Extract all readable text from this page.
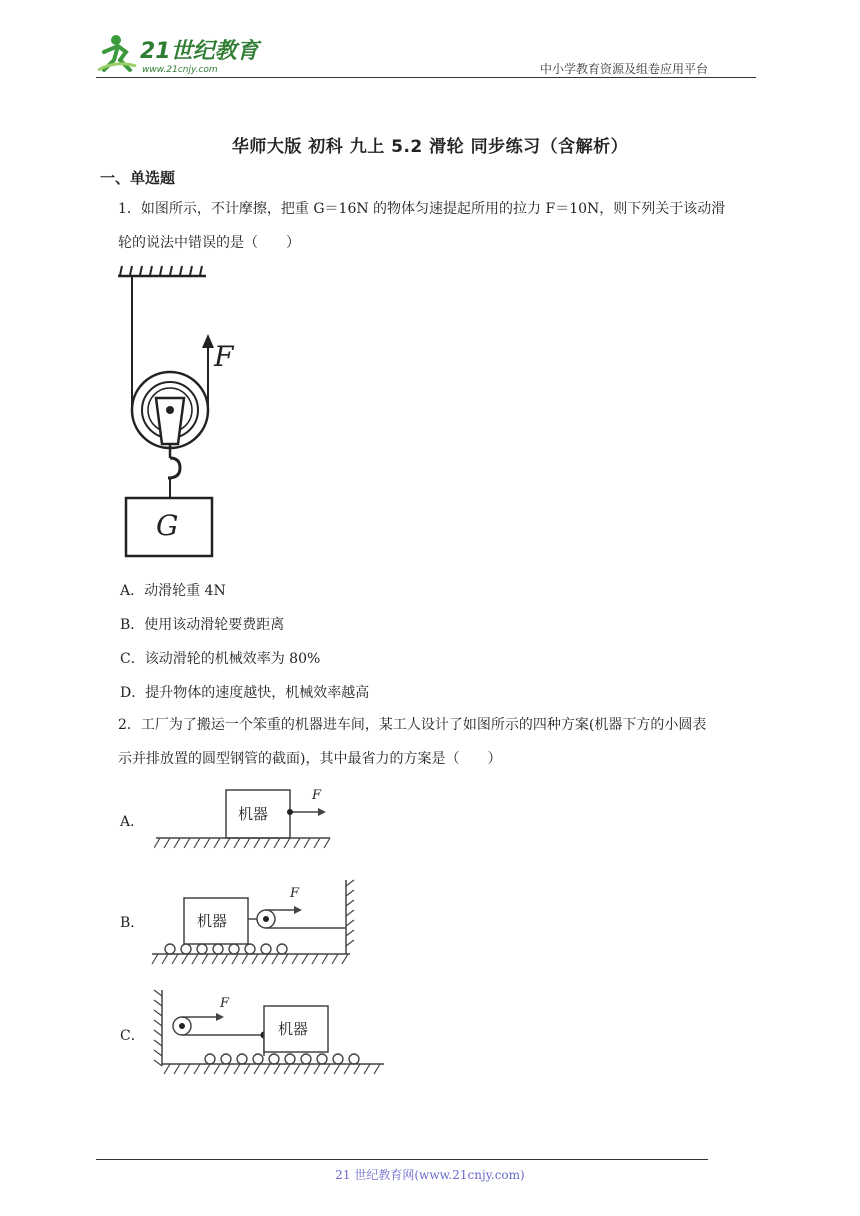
21世纪教育
www.21cnjy.com	中小学教育资源及组卷应用平台
华师大版 初科 九上 5.2 滑轮 同步练习（含解析）
一、单选题
1．如图所示，不计摩擦，把重 G＝16N 的物体匀速提起所用的拉力 F＝10N，则下列关于该动滑
轮的说法中错误的是（　　）
F
G
A．动滑轮重 4N
B．使用该动滑轮要费距离
C．该动滑轮的机械效率为 80%
D．提升物体的速度越快，机械效率越高
2．工厂为了搬运一个笨重的机器进车间，某工人设计了如图所示的四种方案(机器下方的小圆表
示并排放置的圆型钢管的截面)，其中最省力的方案是（　　）
A．	机器
F
B．	机器
F
C．	机器
F
21 世纪教育网(www.21cnjy.com)
